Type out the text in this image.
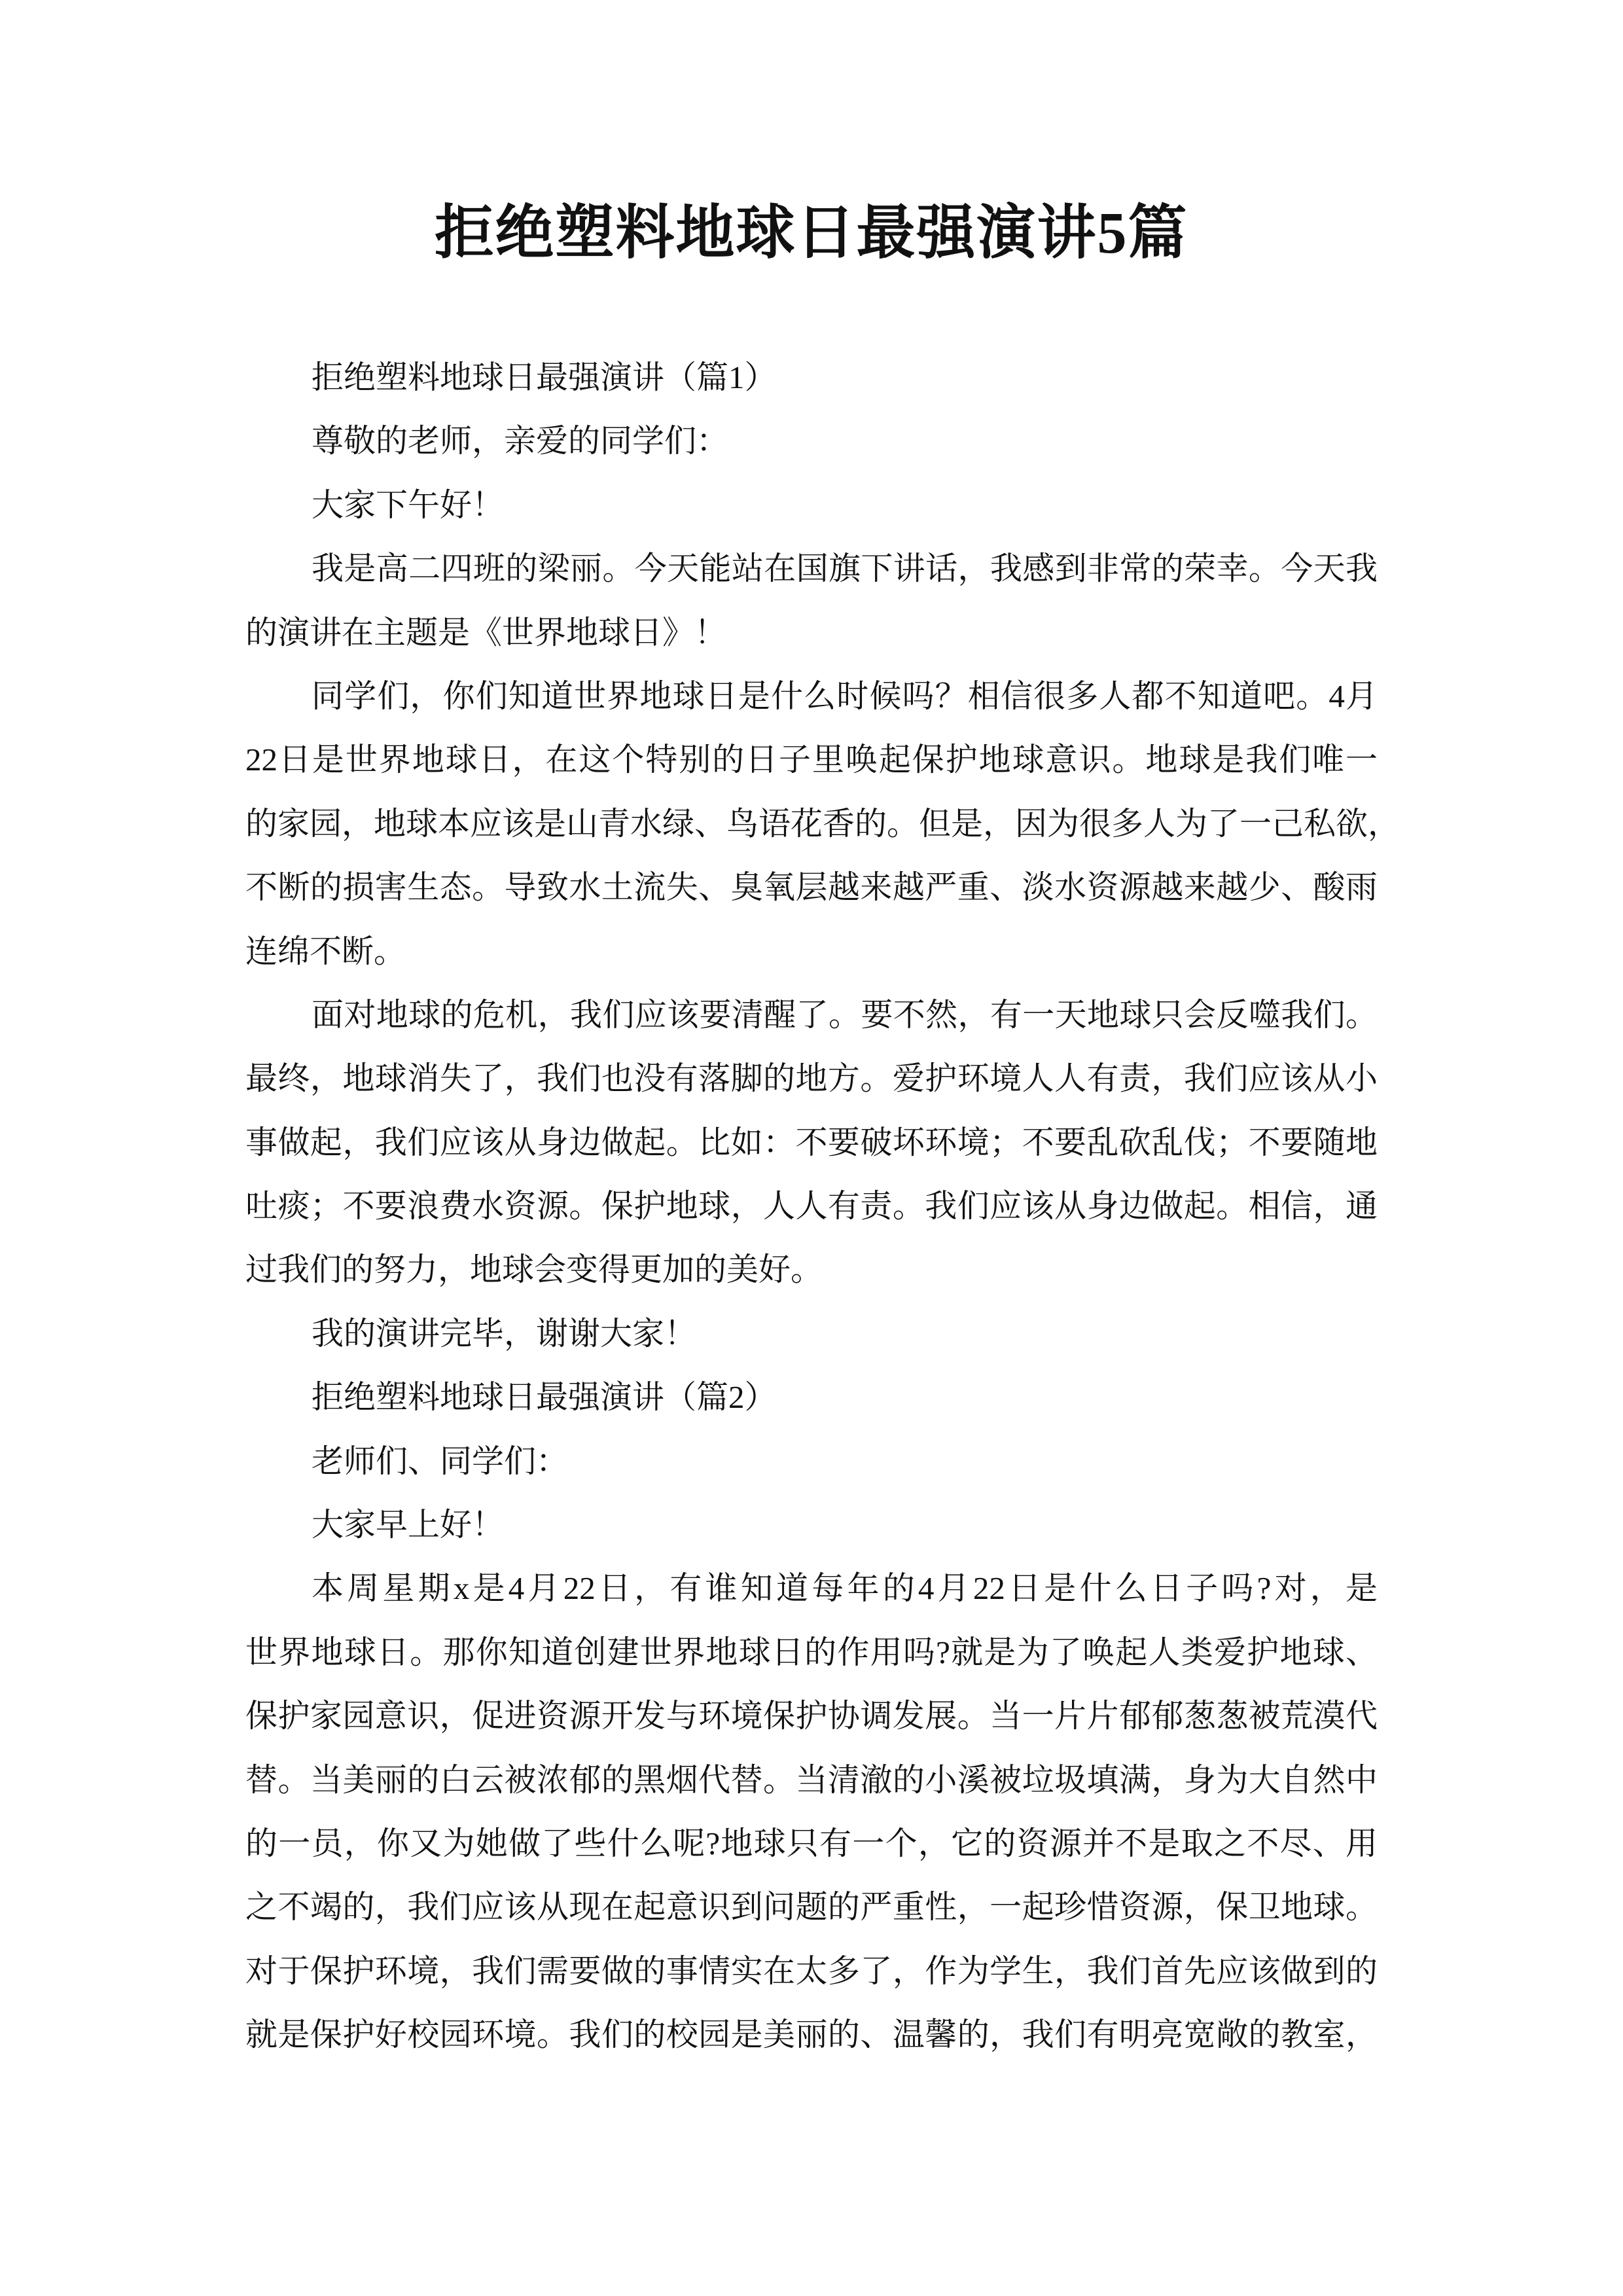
拒绝塑料地球日最强演讲5篇
拒绝塑料地球日最强演讲（篇1）
尊敬的老师，亲爱的同学们：
大家下午好！
我是高二四班的梁丽。今天能站在国旗下讲话，我感到非常的荣幸。今天我
的演讲在主题是《世界地球日》！
同学们，你们知道世界地球日是什么时候吗？相信很多人都不知道吧。4月
22日是世界地球日，在这个特别的日子里唤起保护地球意识。地球是我们唯一
的家园，地球本应该是山青水绿、鸟语花香的。但是，因为很多人为了一己私欲，
不断的损害生态。导致水土流失、臭氧层越来越严重、淡水资源越来越少、酸雨
连绵不断。
面对地球的危机，我们应该要清醒了。要不然，有一天地球只会反噬我们。
最终，地球消失了，我们也没有落脚的地方。爱护环境人人有责，我们应该从小
事做起，我们应该从身边做起。比如：不要破坏环境；不要乱砍乱伐；不要随地
吐痰；不要浪费水资源。保护地球，人人有责。我们应该从身边做起。相信，通
过我们的努力，地球会变得更加的美好。
我的演讲完毕，谢谢大家！
拒绝塑料地球日最强演讲（篇2）
老师们、同学们：
大家早上好！
本周星期x是4月22日，有谁知道每年的4月22日是什么日子吗?对，是
世界地球日。那你知道创建世界地球日的作用吗?就是为了唤起人类爱护地球、
保护家园意识，促进资源开发与环境保护协调发展。当一片片郁郁葱葱被荒漠代
替。当美丽的白云被浓郁的黑烟代替。当清澈的小溪被垃圾填满，身为大自然中
的一员，你又为她做了些什么呢?地球只有一个，它的资源并不是取之不尽、用
之不竭的，我们应该从现在起意识到问题的严重性，一起珍惜资源，保卫地球。
对于保护环境，我们需要做的事情实在太多了，作为学生，我们首先应该做到的
就是保护好校园环境。我们的校园是美丽的、温馨的，我们有明亮宽敞的教室，
